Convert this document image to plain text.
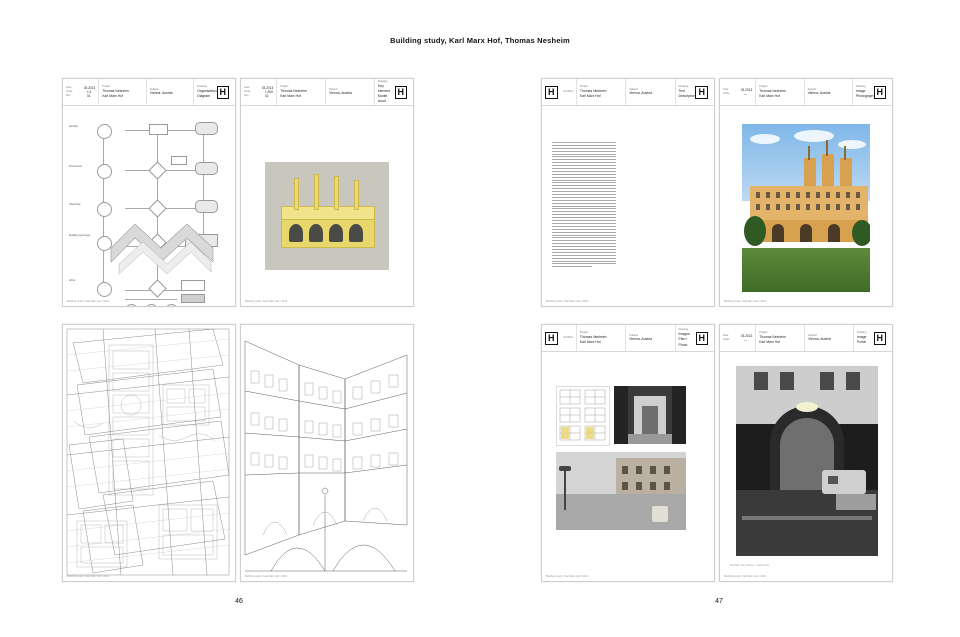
Building study, Karl Marx Hof, Thomas Nesheim
Date	03.2013
Scale	1:1
Rev	01
Project
Thomas Nesheim
Karl Marx Hof
Subject
Vienna, Austria
Drawing
Organisation
Diagram	H
identity
Processes
Interiority
building typology
urbis
Building study / Karl Marx Hof / 2013
Date	03.2013
Scale	1:200
Rev	02
Project
Thomas Nesheim
Karl Marx Hof
Subject
Vienna, Austria
Drawing
Key element
Model, wood
H
Building study / Karl Marx Hof / 2013
Building study / Karl Marx Hof / 2013	Building study / Karl Marx Hof / 2013
H	03.2013
Project
Thomas Nesheim
Karl Marx Hof
Subject
Vienna, Austria
Drawing
Text
Description H
Building study / Karl Marx Hof / 2013
Date	03.2013
Scale	—
Project
Thomas Nesheim
Karl Marx Hof
Subject
Vienna, Austria
Drawing
Image
Photograph H
Building study / Karl Marx Hof / 2013
H	03.2013
Project
Thomas Nesheim
Karl Marx Hof
Subject
Vienna, Austria
Drawing
Images
Plan / Photo
H
Building study / Karl Marx Hof / 2013
Date	03.2013
Scale	—
Project
Thomas Nesheim
Karl Marx Hof
Subject
Vienna, Austria
Drawing
Image
Portal	H
Karl Marx Hof, Vienna — study notes
Building study / Karl Marx Hof / 2013
46	47
